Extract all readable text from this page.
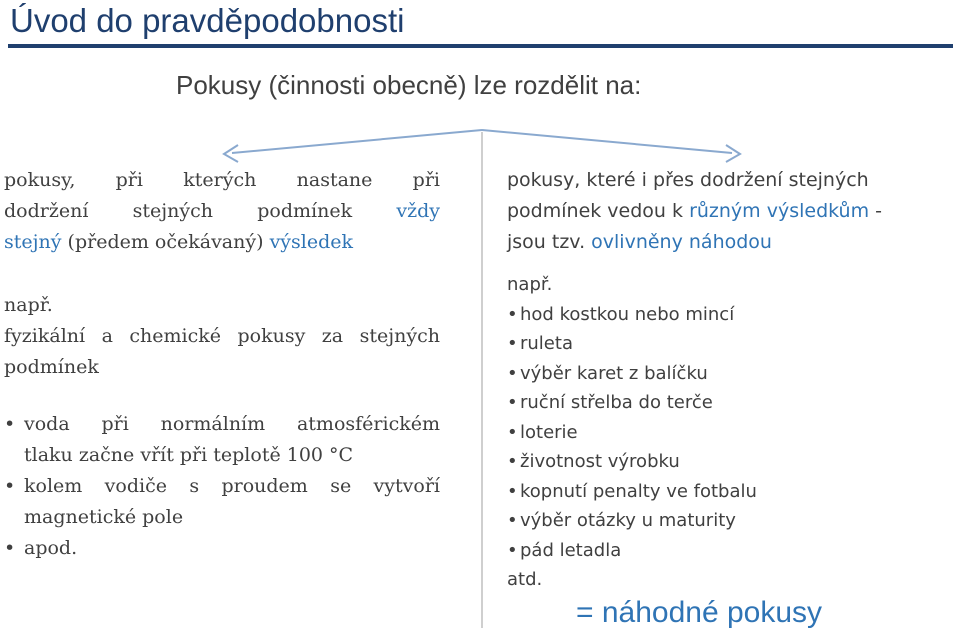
Úvod do pravděpodobnosti
Pokusy (činnosti obecně) lze rozdělit na:
pokusy, při kterých nastane při
dodržení stejných podmínek vždy
stejný (předem očekávaný) výsledek
např.
fyzikální a chemické pokusy za stejných
podmínek
• voda při normálním atmosférickém
tlaku začne vřít při teplotě 100 °C
• kolem vodiče s proudem se vytvoří
magnetické pole
• apod.
pokusy, které i přes dodržení stejných
podmínek vedou k různým výsledkům -
jsou tzv. ovlivněny náhodou
např.
• hod kostkou nebo mincí
• ruleta
• výběr karet z balíčku
• ruční střelba do terče
• loterie
• životnost výrobku
• kopnutí penalty ve fotbalu
• výběr otázky u maturity
• pád letadla
atd.
= náhodné pokusy
